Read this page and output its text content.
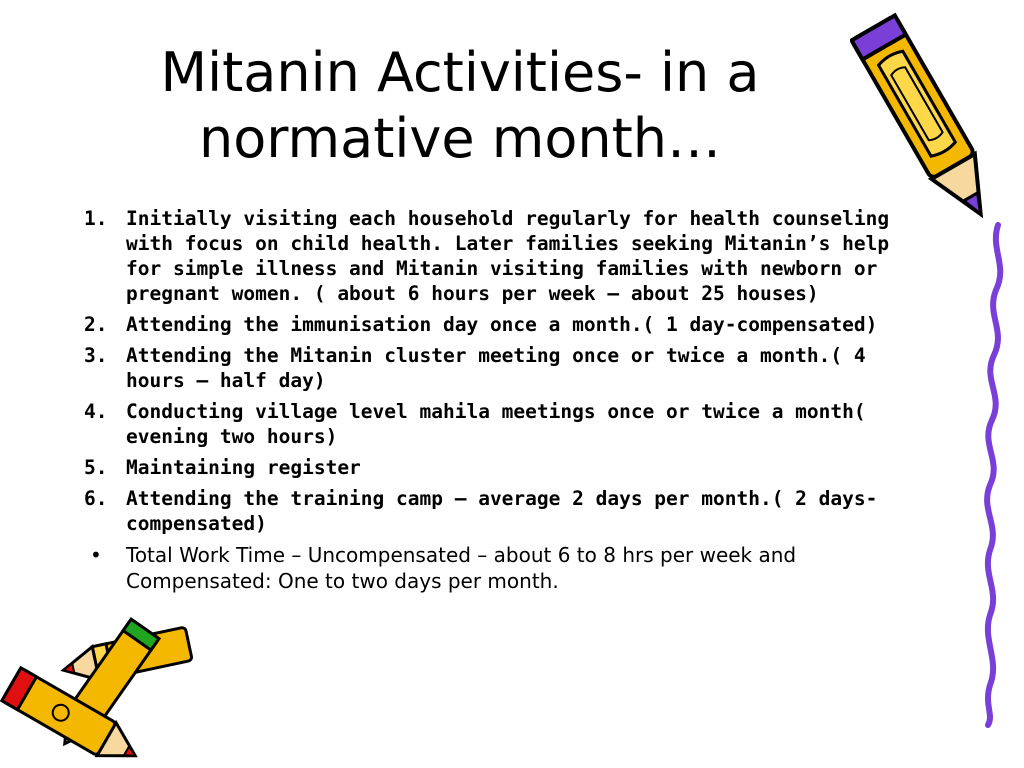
Mitanin Activities- in a
normative month…
1. Initially visiting each household regularly for health counseling with focus on child health. Later families seeking Mitanin’s help for simple illness and Mitanin visiting families with newborn or pregnant women. ( about 6 hours per week – about 25 houses)
2. Attending the immunisation day once a month.( 1 day-compensated)
3. Attending the Mitanin cluster meeting once or twice a month.( 4 hours – half day)
4. Conducting village level mahila meetings once or twice a month( evening two hours)
5. Maintaining register
6. Attending the training camp – average 2 days per month.( 2 days- compensated)
• Total Work Time – Uncompensated – about 6 to 8 hrs per week and Compensated: One to two days per month.
